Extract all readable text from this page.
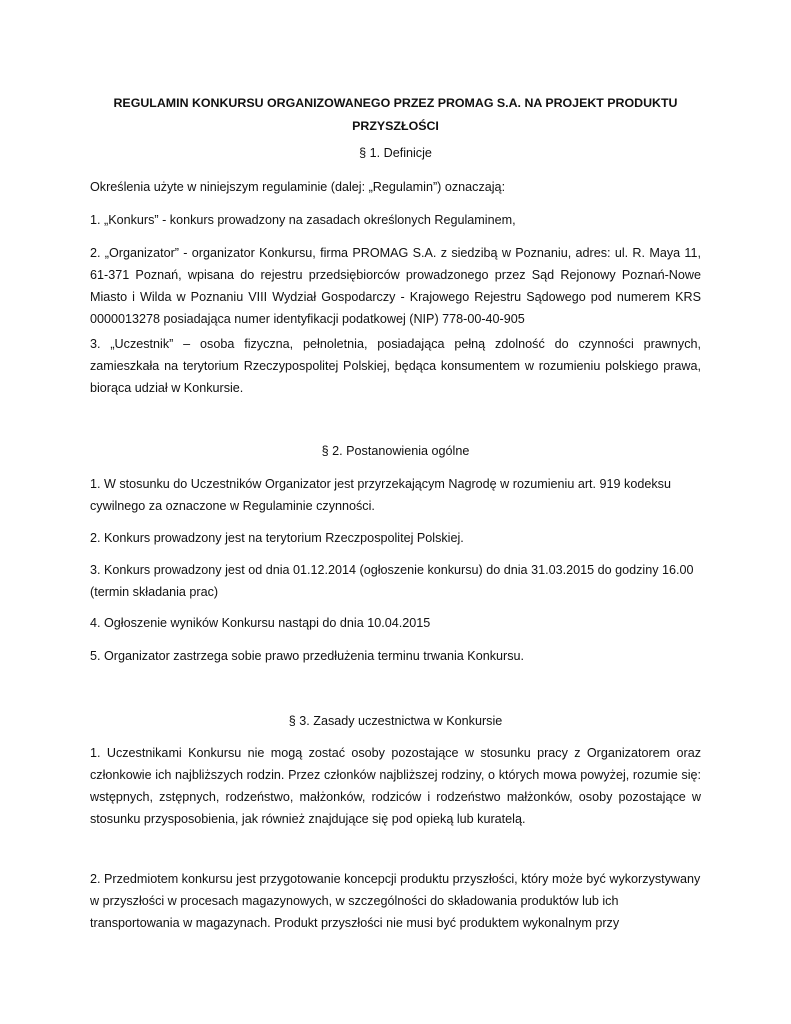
REGULAMIN KONKURSU ORGANIZOWANEGO PRZEZ PROMAG S.A. NA PROJEKT PRODUKTU
PRZYSZŁOŚCI

§ 1. Definicje

Określenia użyte w niniejszym regulaminie (dalej: „Regulamin”) oznaczają:

1. „Konkurs” - konkurs prowadzony na zasadach określonych Regulaminem,

2. „Organizator” - organizator Konkursu, firma PROMAG S.A. z siedzibą w Poznaniu, adres: ul. R. Maya 11, 61-371 Poznań, wpisana do rejestru przedsiębiorców prowadzonego przez Sąd Rejonowy Poznań-Nowe Miasto i Wilda w Poznaniu VIII Wydział Gospodarczy - Krajowego Rejestru Sądowego pod numerem KRS 0000013278 posiadająca numer identyfikacji podatkowej (NIP) 778-00-40-905

3. „Uczestnik” – osoba fizyczna, pełnoletnia, posiadająca pełną zdolność do czynności prawnych, zamieszkała na terytorium Rzeczypospolitej Polskiej, będąca konsumentem w rozumieniu polskiego prawa, biorąca udział w Konkursie.

§ 2. Postanowienia ogólne

1. W stosunku do Uczestników Organizator jest przyrzekającym Nagrodę w rozumieniu art. 919 kodeksu cywilnego za oznaczone w Regulaminie czynności.

2. Konkurs prowadzony jest na terytorium Rzeczpospolitej Polskiej.

3. Konkurs prowadzony jest od dnia 01.12.2014 (ogłoszenie konkursu) do dnia 31.03.2015 do godziny 16.00 (termin składania prac)

4. Ogłoszenie wyników Konkursu nastąpi do dnia 10.04.2015

5. Organizator zastrzega sobie prawo przedłużenia terminu trwania Konkursu.

§ 3. Zasady uczestnictwa w Konkursie

1. Uczestnikami Konkursu nie mogą zostać osoby pozostające w stosunku pracy z Organizatorem oraz członkowie ich najbliższych rodzin. Przez członków najbliższej rodziny, o których mowa powyżej, rozumie się: wstępnych, zstępnych, rodzeństwo, małżonków, rodziców i rodzeństwo małżonków, osoby pozostające w stosunku przysposobienia, jak również znajdujące się pod opieką lub kuratelą.

2. Przedmiotem konkursu jest przygotowanie koncepcji produktu przyszłości, który może być wykorzystywany w przyszłości w procesach magazynowych, w szczególności do składowania produktów lub ich transportowania w magazynach. Produkt przyszłości nie musi być produktem wykonalnym przy
